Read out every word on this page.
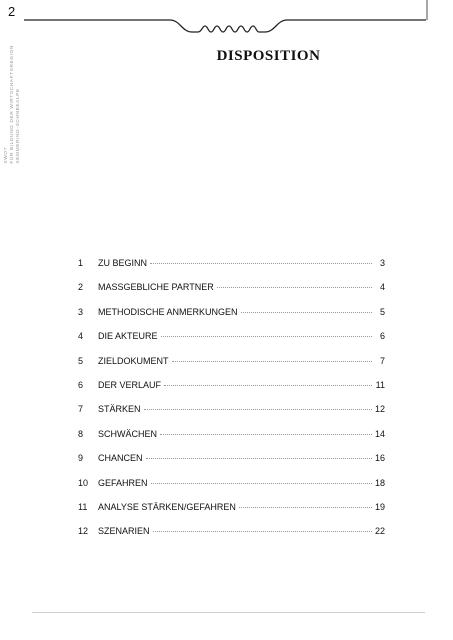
2
SWOT FÜR BILDUNG DER WIRTSCHAFTSREGION SEMMERING-SCHNEEALPE
DISPOSITION
1	ZU BEGINN	3
2	MASSGEBLICHE PARTNER	4
3	METHODISCHE ANMERKUNGEN	5
4	DIE AKTEURE	6
5	ZIELDOKUMENT	7
6	DER VERLAUF	11
7	STÄRKEN	12
8	SCHWÄCHEN	14
9	CHANCEN	16
10	GEFAHREN	18
11	ANALYSE STÄRKEN/GEFAHREN	19
12	SZENARIEN	22
